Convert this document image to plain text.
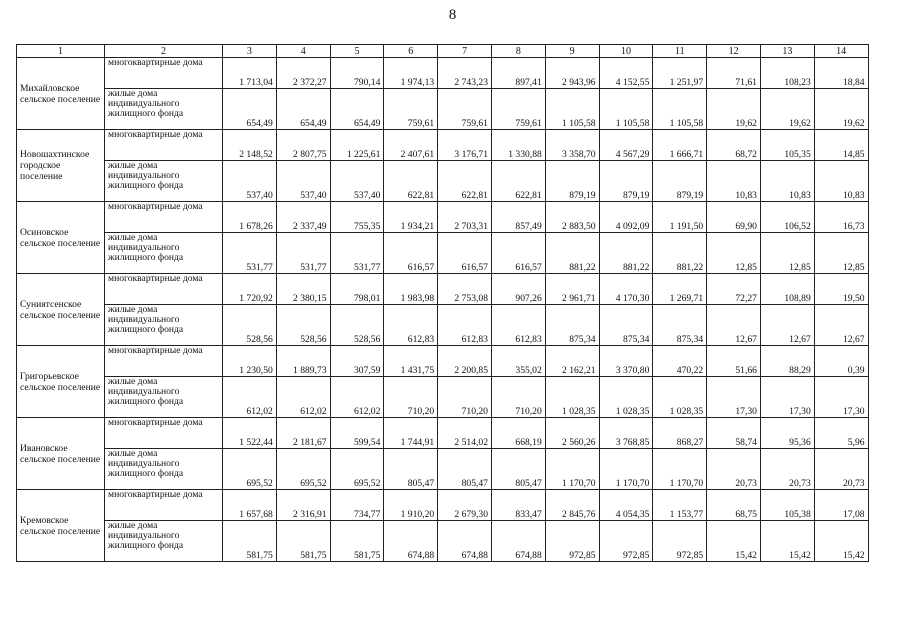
8
1	2	3	4	5	6	7	8	9	10	11	12	13	14
Михайловское сельское поселение	многоквартирные дома	1 713,04	2 372,27	790,14	1 974,13	2 743,23	897,41	2 943,96	4 152,55	1 251,97	71,61	108,23	18,84
	жилые дома индивидуального жилищного фонда	654,49	654,49	654,49	759,61	759,61	759,61	1 105,58	1 105,58	1 105,58	19,62	19,62	19,62
Новошахтинское городское поселение	многоквартирные дома	2 148,52	2 807,75	1 225,61	2 407,61	3 176,71	1 330,88	3 358,70	4 567,29	1 666,71	68,72	105,35	14,85
	жилые дома индивидуального жилищного фонда	537,40	537,40	537,40	622,81	622,81	622,81	879,19	879,19	879,19	10,83	10,83	10,83
Осиновское сельское поселение	многоквартирные дома	1 678,26	2 337,49	755,35	1 934,21	2 703,31	857,49	2 883,50	4 092,09	1 191,50	69,90	106,52	16,73
	жилые дома индивидуального жилищного фонда	531,77	531,77	531,77	616,57	616,57	616,57	881,22	881,22	881,22	12,85	12,85	12,85
Суниятсенское сельское поселение	многоквартирные дома	1 720,92	2 380,15	798,01	1 983,98	2 753,08	907,26	2 961,71	4 170,30	1 269,71	72,27	108,89	19,50
	жилые дома индивидуального жилищного фонда	528,56	528,56	528,56	612,83	612,83	612,83	875,34	875,34	875,34	12,67	12,67	12,67
Григорьевское сельское поселение	многоквартирные дома	1 230,50	1 889,73	307,59	1 431,75	2 200,85	355,02	2 162,21	3 370,80	470,22	51,66	88,29	0,39
	жилые дома индивидуального жилищного фонда	612,02	612,02	612,02	710,20	710,20	710,20	1 028,35	1 028,35	1 028,35	17,30	17,30	17,30
Ивановское сельское поселение	многоквартирные дома	1 522,44	2 181,67	599,54	1 744,91	2 514,02	668,19	2 560,26	3 768,85	868,27	58,74	95,36	5,96
	жилые дома индивидуального жилищного фонда	695,52	695,52	695,52	805,47	805,47	805,47	1 170,70	1 170,70	1 170,70	20,73	20,73	20,73
Кремовское сельское поселение	многоквартирные дома	1 657,68	2 316,91	734,77	1 910,20	2 679,30	833,47	2 845,76	4 054,35	1 153,77	68,75	105,38	17,08
	жилые дома индивидуального жилищного фонда	581,75	581,75	581,75	674,88	674,88	674,88	972,85	972,85	972,85	15,42	15,42	15,42
